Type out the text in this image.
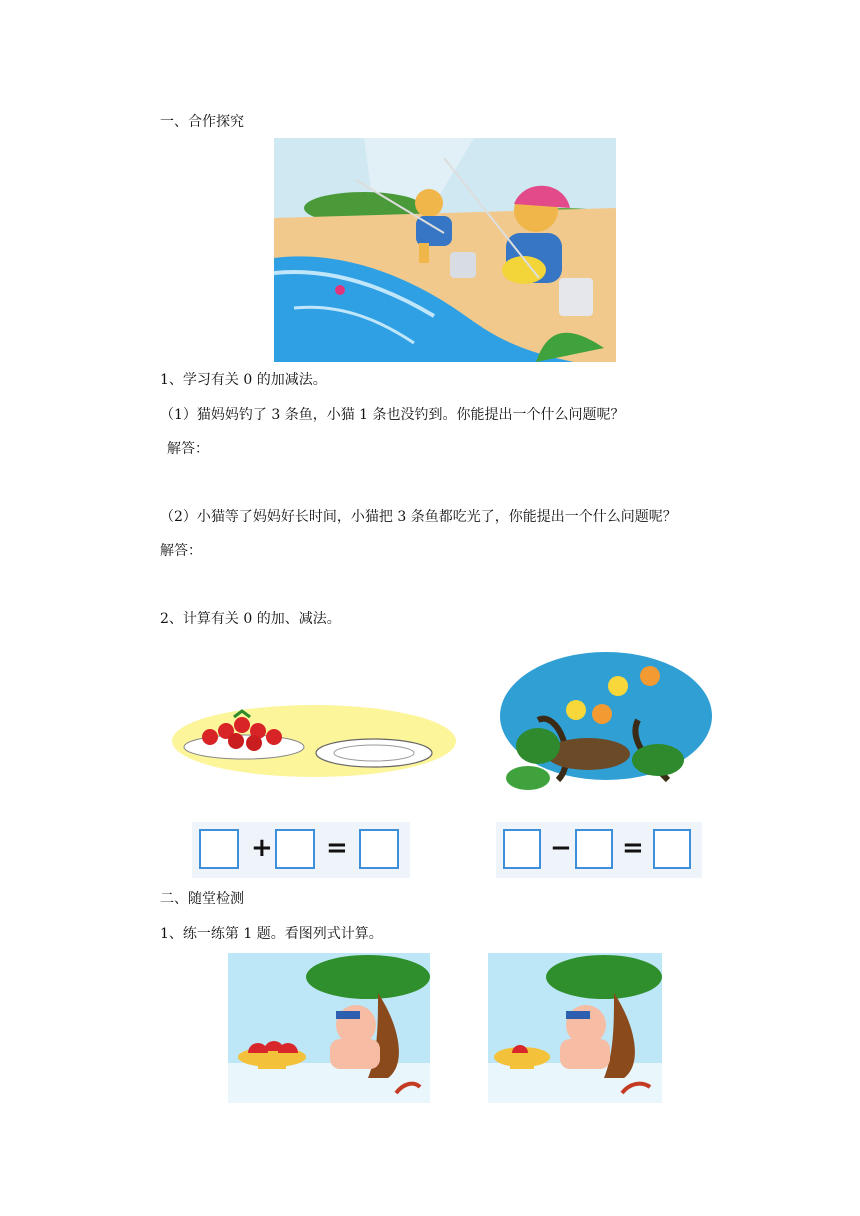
一、合作探究
1、学习有关 0 的加减法。
（1）猫妈妈钓了 3 条鱼，小猫 1 条也没钓到。你能提出一个什么问题呢？
解答：
（2）小猫等了妈妈好长时间，小猫把 3 条鱼都吃光了，你能提出一个什么问题呢？
解答：
2、计算有关 0 的加、减法。
+ =	− =
二、随堂检测
1、练一练第 1 题。看图列式计算。
